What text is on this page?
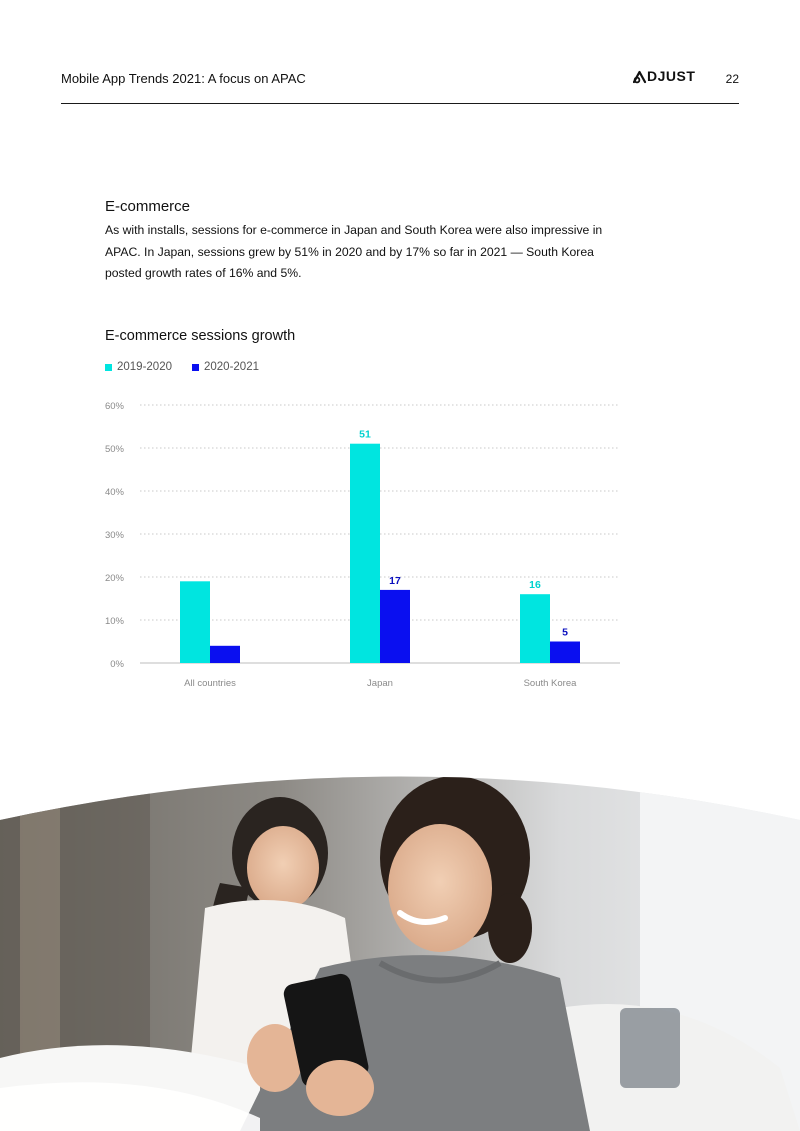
Mobile App Trends 2021: A focus on APAC	DJUST	22
E-commerce
As with installs, sessions for e-commerce in Japan and South Korea were also impressive in APAC. In Japan, sessions grew by 51% in 2020 and by 17% so far in 2021 — South Korea posted growth rates of 16% and 5%.
E-commerce sessions growth
2019-2020	2020-2021
0%
10%
20%
30%
40%
50%
60%
All countries
51
17
Japan
16
5
South Korea
